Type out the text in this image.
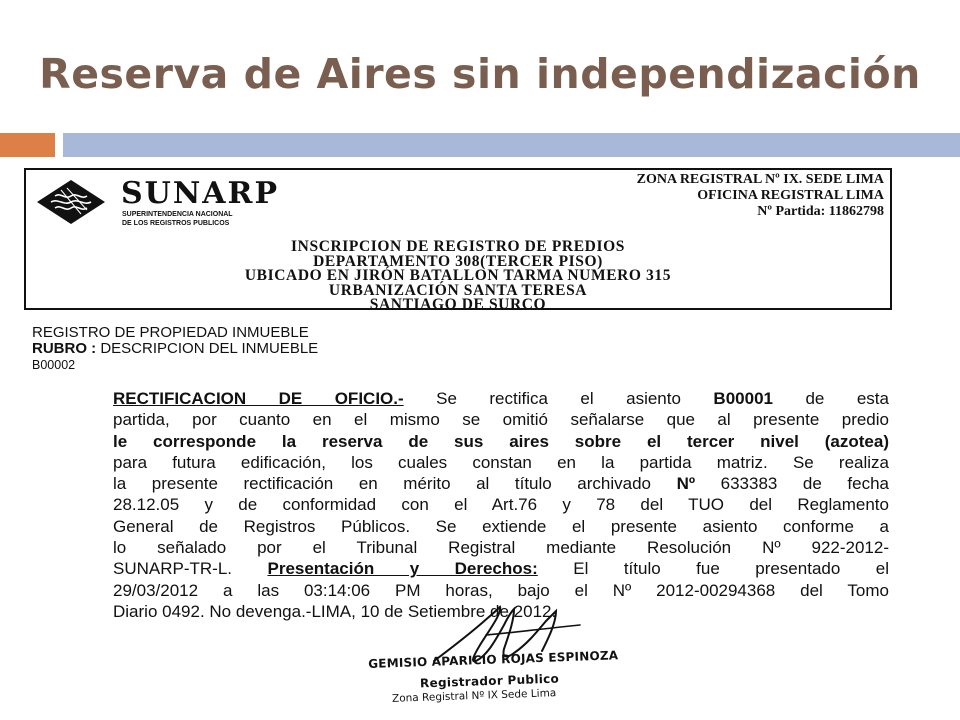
Reserva de Aires sin independización
SUNARP
SUPERINTENDENCIA NACIONAL
DE LOS REGISTROS PUBLICOS
ZONA REGISTRAL Nº IX. SEDE LIMA
OFICINA REGISTRAL LIMA
Nº Partida: 11862798
INSCRIPCION DE REGISTRO DE PREDIOS
DEPARTAMENTO 308(TERCER PISO)
UBICADO EN JIRÓN BATALLON TARMA NUMERO 315
URBANIZACIÓN SANTA TERESA
SANTIAGO DE SURCO
REGISTRO DE PROPIEDAD INMUEBLE
RUBRO : DESCRIPCION DEL INMUEBLE
B00002
RECTIFICACION DE OFICIO.- Se rectifica el asiento B00001 de esta
partida, por cuanto en el mismo se omitió señalarse que al presente predio
le corresponde la reserva de sus aires sobre el tercer nivel (azotea)
para futura edificación, los cuales constan en la partida matriz. Se realiza
la presente rectificación en mérito al título archivado Nº 633383 de fecha
28.12.05 y de conformidad con el Art.76 y 78 del TUO del Reglamento
General de Registros Públicos. Se extiende el presente asiento conforme a
lo señalado por el Tribunal Registral mediante Resolución Nº 922-2012-
SUNARP-TR-L. Presentación y Derechos: El título fue presentado el
29/03/2012 a las 03:14:06 PM horas, bajo el Nº 2012-00294368 del Tomo
Diario 0492. No devenga.-LIMA, 10 de Setiembre de 2012.
GEMISIO APARICIO ROJAS ESPINOZA
Registrador Publico
Zona Registral Nº IX Sede Lima
